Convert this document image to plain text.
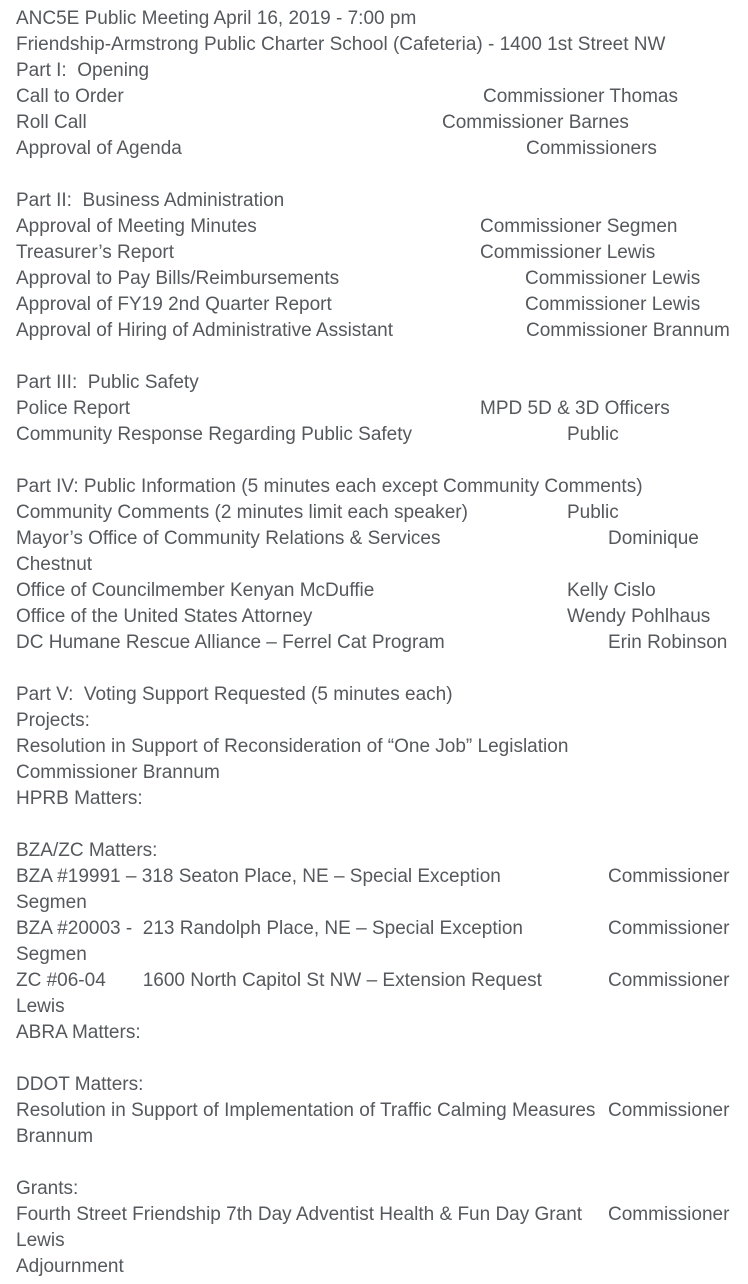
ANC5E Public Meeting April 16, 2019 - 7:00 pm
Friendship-Armstrong Public Charter School (Cafeteria) - 1400 1st Street NW
Part I:  Opening
Call to Order	Commissioner Thomas
Roll Call	Commissioner Barnes
Approval of Agenda	Commissioners
Part II:  Business Administration
Approval of Meeting Minutes	Commissioner Segmen
Treasurer’s Report	Commissioner Lewis
Approval to Pay Bills/Reimbursements	Commissioner Lewis
Approval of FY19 2nd Quarter Report	Commissioner Lewis
Approval of Hiring of Administrative Assistant	Commissioner Brannum
Part III:  Public Safety
Police Report	MPD 5D & 3D Officers
Community Response Regarding Public Safety	Public
Part IV: Public Information (5 minutes each except Community Comments)
Community Comments (2 minutes limit each speaker)	Public
Mayor’s Office of Community Relations & Services	Dominique
Chestnut
Office of Councilmember Kenyan McDuffie	Kelly Cislo
Office of the United States Attorney	Wendy Pohlhaus
DC Humane Rescue Alliance – Ferrel Cat Program	Erin Robinson
Part V:  Voting Support Requested (5 minutes each)
Projects:
Resolution in Support of Reconsideration of “One Job” Legislation
Commissioner Brannum
HPRB Matters:
BZA/ZC Matters:
BZA #19991 – 318 Seaton Place, NE – Special Exception	Commissioner
Segmen
BZA #20003 -  213 Randolph Place, NE – Special Exception	Commissioner
Segmen
ZC #06-04       1600 North Capitol St NW – Extension Request	Commissioner
Lewis
ABRA Matters:
DDOT Matters:
Resolution in Support of Implementation of Traffic Calming Measures Commissioner
Brannum
Grants:
Fourth Street Friendship 7th Day Adventist Health & Fun Day Grant Commissioner
Lewis
Adjournment
